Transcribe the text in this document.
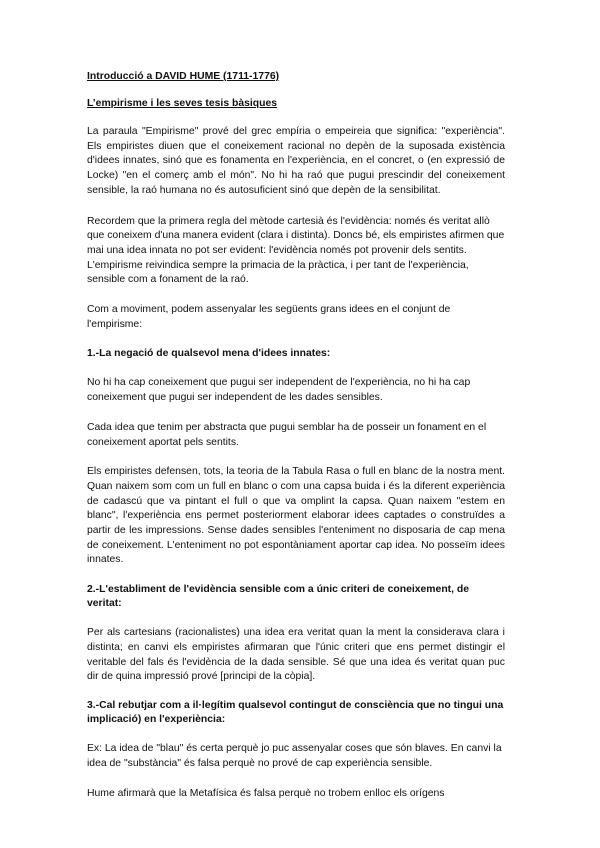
Introducció a DAVID HUME (1711-1776)
L’empirisme i les seves tesis bàsiques

La paraula "Empirisme" prové del grec empíria o empeireia que significa: "experiència". Els empiristes diuen que el coneixement racional no depèn de la suposada existència d'idees innates, sinó que es fonamenta en l'experiència, en el concret, o (en expressió de Locke) "en el comerç amb el món". No hi ha raó que pugui prescindir del coneixement sensible, la raó humana no és autosuficient sinó que depèn de la sensibilitat.

Recordem que la primera regla del mètode cartesià és l'evidència: només és veritat allò que coneixem d'una manera evident (clara i distinta). Doncs bé, els empiristes afirmen que mai una idea innata no pot ser evident: l'evidència només pot provenir dels sentits. L'empirisme reivindica sempre la primacia de la pràctica, i per tant de l'experiència, sensible com a fonament de la raó.

Com a moviment, podem assenyalar les següents grans idees en el conjunt de l'empirisme:

1.-La negació de qualsevol mena d'idees innates:

No hi ha cap coneixement que pugui ser independent de l'experiència, no hi ha cap coneixement que pugui ser independent de les dades sensibles.

Cada idea que tenim per abstracta que pugui semblar ha de posseir un fonament en el coneixement aportat pels sentits.

Els empiristes defensen, tots, la teoria de la Tabula Rasa o full en blanc de la nostra ment. Quan naixem som com un full en blanc o com una capsa buida i és la diferent experiència de cadascú que va pintant el full o que va omplint la capsa. Quan naixem "estem en blanc", l'experiència ens permet posteriorment elaborar idees captades o construïdes a partir de les impressions. Sense dades sensibles l'enteniment no disposaria de cap mena de coneixement. L'enteniment no pot espontàniament aportar cap idea. No posseïm idees innates.

2.-L'establiment de l'evidència sensible com a únic criteri de coneixement, de veritat:

Per als cartesians (racionalistes) una idea era veritat quan la ment la considerava clara i distinta; en canvi els empiristes afirmaran que l'únic criteri que ens permet distingir el veritable del fals és l'evidència de la dada sensible. Sé que una idea és veritat quan puc dir de quina impressió prové [principi de la còpia].

3.-Cal rebutjar com a il·legítim qualsevol contingut de consciència que no tingui una implicació) en l'experiència:

Ex: La idea de "blau" és certa perquè jo puc assenyalar coses que són blaves. En canvi la idea de "substància" és falsa perquè no prové de cap experiència sensible.

Hume afirmarà que la Metafísica és falsa perquè no trobem enlloc els orígens
